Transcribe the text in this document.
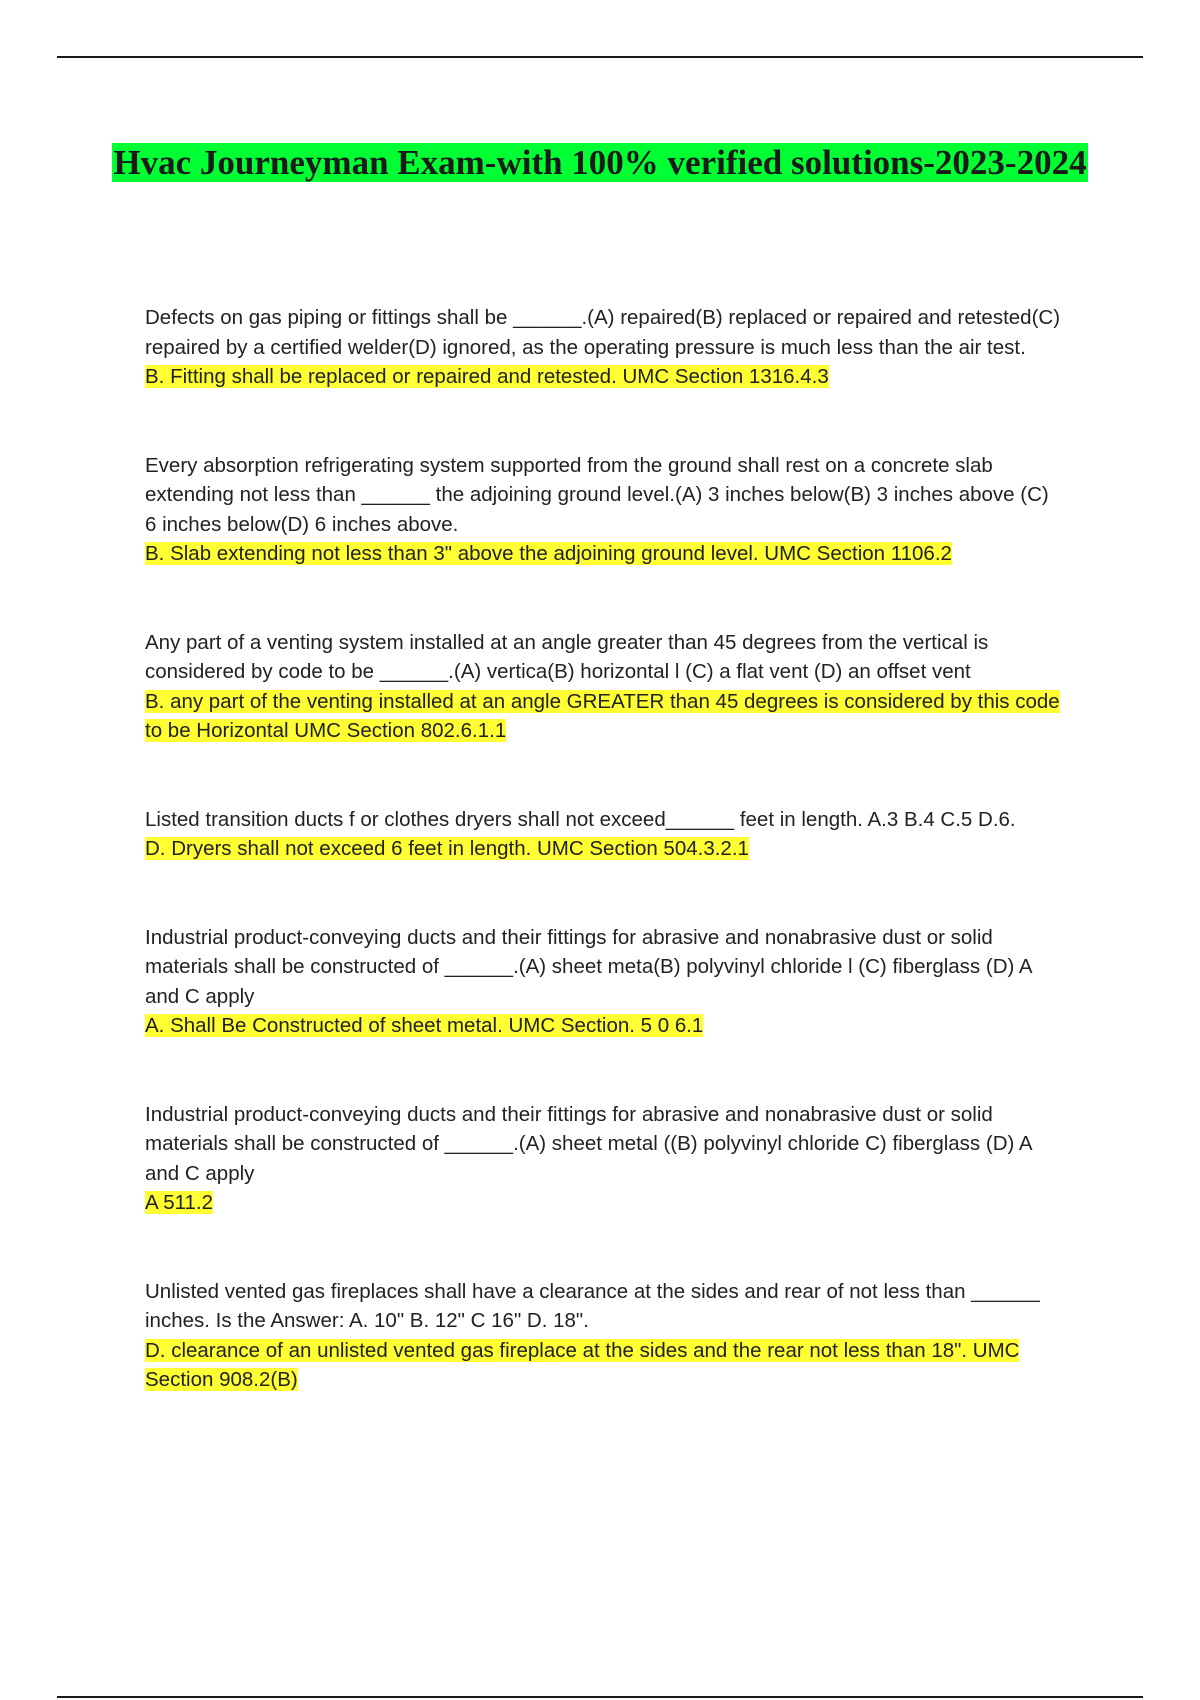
Hvac Journeyman Exam-with 100% verified solutions-2023-2024

Defects on gas piping or fittings shall be ______.(A) repaired(B) replaced or repaired and retested(C) repaired by a certified welder(D) ignored, as the operating pressure is much less than the air test.

B. Fitting shall be replaced or repaired and retested. UMC Section 1316.4.3

Every absorption refrigerating system supported from the ground shall rest on a concrete slab extending not less than ______ the adjoining ground level.(A) 3 inches below(B) 3 inches above (C) 6 inches below(D) 6 inches above.

B. Slab extending not less than 3" above the adjoining ground level. UMC Section 1106.2

Any part of a venting system installed at an angle greater than 45 degrees from the vertical is considered by code to be ______.(A) vertica(B) horizontal l (C) a flat vent (D) an offset vent

B. any part of the venting installed at an angle GREATER than 45 degrees is considered by this code to be Horizontal UMC Section 802.6.1.1

Listed transition ducts f or clothes dryers shall not exceed______ feet in length. A.3 B.4 C.5 D.6.

D. Dryers shall not exceed 6 feet in length. UMC Section 504.3.2.1

Industrial product-conveying ducts and their fittings for abrasive and nonabrasive dust or solid materials shall be constructed of ______.(A) sheet meta(B) polyvinyl chloride l (C) fiberglass (D) A and C apply

A. Shall Be Constructed of sheet metal. UMC Section. 5 0 6.1

Industrial product-conveying ducts and their fittings for abrasive and nonabrasive dust or solid materials shall be constructed of ______.(A) sheet metal ((B) polyvinyl chloride C) fiberglass (D) A and C apply

A 511.2

Unlisted vented gas fireplaces shall have a clearance at the sides and rear of not less than ______ inches. Is the Answer: A. 10" B. 12" C 16" D. 18".

D. clearance of an unlisted vented gas fireplace at the sides and the rear not less than 18". UMC Section 908.2(B)
